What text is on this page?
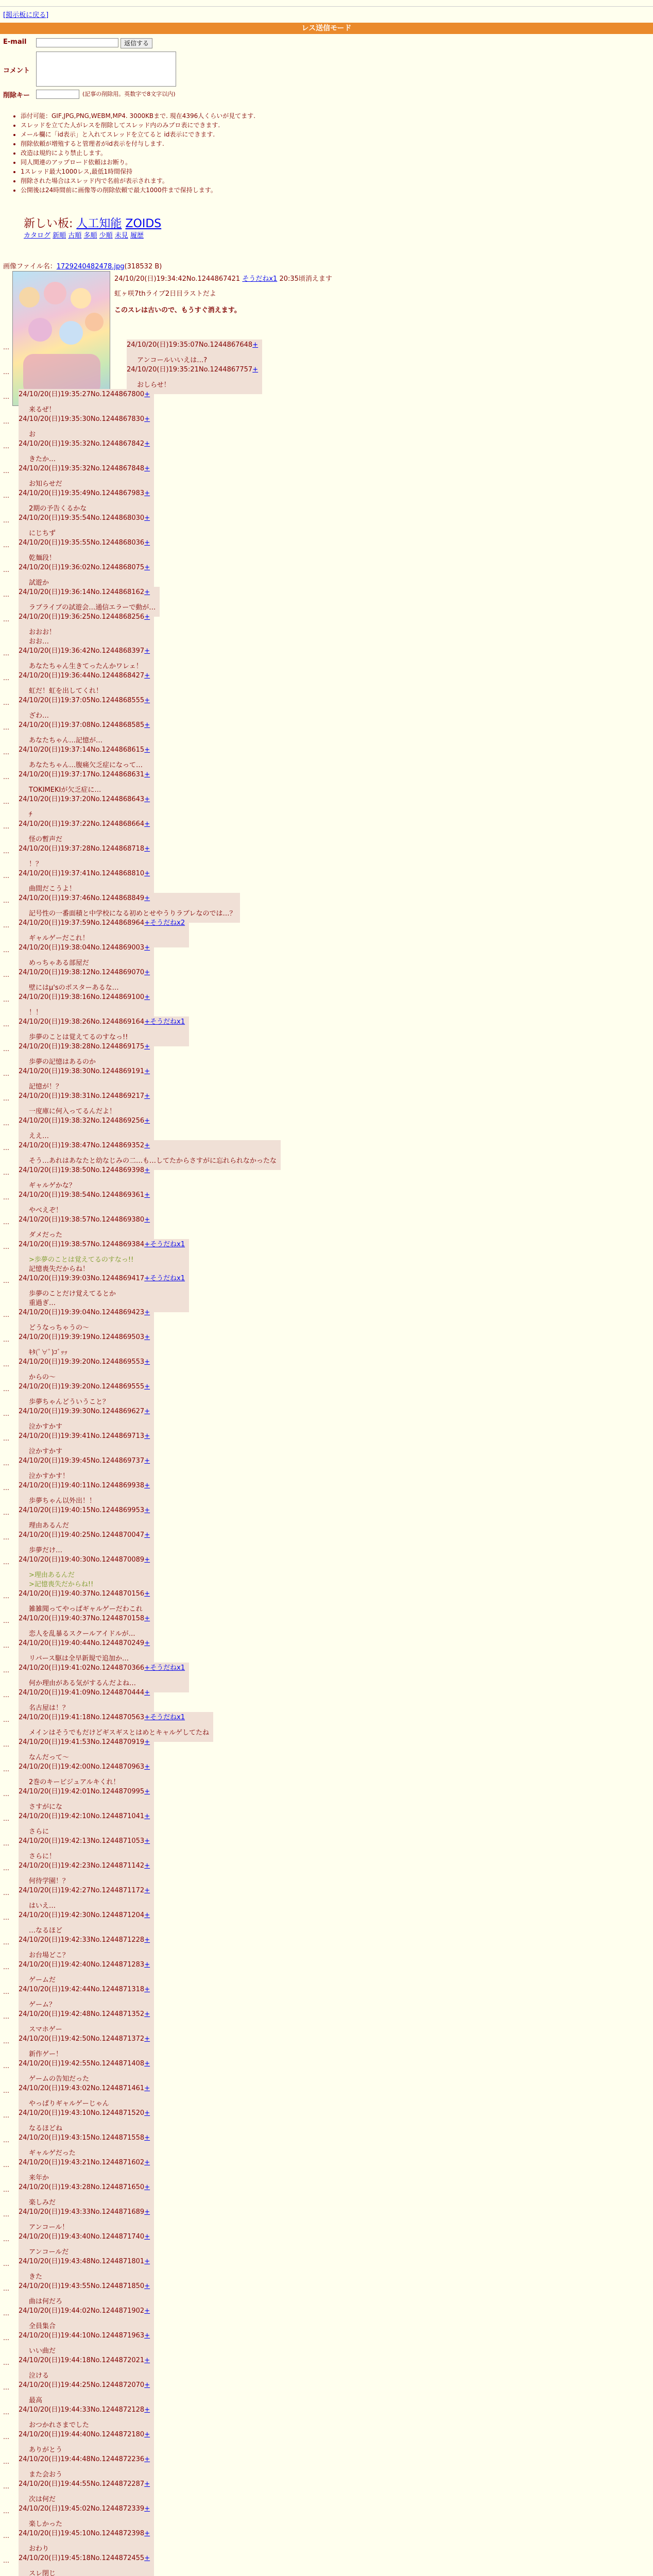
[掲示板に戻る]
レス送信モード
E-mail	返信する
コメント
削除キー	(記事の削除用。英数字で8文字以内)
• 添付可能：GIF,JPG,PNG,WEBM,MP4. 3000KBまで. 現在4396人くらいが見てます.
• スレッドを立てた人がレスを削除してスレッド内のみブロ表にできます.
• メール欄に「id表示」と入れてスレッドを立てると id表示にできます.
• 削除依頼が増殖すると管理者がid表示を付与します.
• 改造は規約により禁止します。
• 同人関連のアップロード依頼はお断り。
• 1スレッド最大1000レス,最低1時間保持
• 削除された場合はスレッド内で名前が表示されます。
• 公開後は24時間前に画像等の削除依頼で最大1000件まで保持します。
新しい板: 人工知能 ZOIDS
カタログ 新順 古順 多順 少順 未見 履歴
画像ファイル名：1729240482478.jpg(318532 B)
24/10/20(日)19:34:42No.1244867421 そうだねx1 20:35頃消えます
虹ヶ咲7thライブ2日目ラストだよ
このスレは古いので、もうすぐ消えます。
…	24/10/20(日)19:35:07No.1244867648+
アンコールいいえは…?
…	24/10/20(日)19:35:21No.1244867757+
おしらせ！
…	24/10/20(日)19:35:27No.1244867800+
来るぜ！
…	24/10/20(日)19:35:30No.1244867830+
お
…	24/10/20(日)19:35:32No.1244867842+
きたか…
…	24/10/20(日)19:35:32No.1244867848+
お知らせだ
…	24/10/20(日)19:35:49No.1244867983+
2期の予告くるかな
…	24/10/20(日)19:35:54No.1244868030+
にじちず
…	24/10/20(日)19:35:55No.1244868036+
乾麺段！
…	24/10/20(日)19:36:02No.1244868075+
試遊か
…	24/10/20(日)19:36:14No.1244868162+
ラブライブの試遊会…通信エラーで動が…
…	24/10/20(日)19:36:25No.1244868256+
おおお！
おお…
…	24/10/20(日)19:36:42No.1244868397+
あなたちゃん生きてったんかワレェ！
…	24/10/20(日)19:36:44No.1244868427+
虹だ！虹を出してくれ！
…	24/10/20(日)19:37:05No.1244868555+
ざわ…
…	24/10/20(日)19:37:08No.1244868585+
あなたちゃん…記憶が…
…	24/10/20(日)19:37:14No.1244868615+
あなたちゃん…腹痛欠乏症になって…
…	24/10/20(日)19:37:17No.1244868631+
TOKIMEKIが欠乏症に…
…	24/10/20(日)19:37:20No.1244868643+
ﾁ
…	24/10/20(日)19:37:22No.1244868664+
怪の暫声だ
…	24/10/20(日)19:37:28No.1244868718+
！？
…	24/10/20(日)19:37:41No.1244868810+
曲間だこうよ！
…	24/10/20(日)19:37:46No.1244868849+
記号性の一番面積と中学校になる初めとせやうりラブレなのでは…？
…	24/10/20(日)19:37:59No.1244868964+そうだねx2
ギャルゲーだこれ！
…	24/10/20(日)19:38:04No.1244869003+
めっちゃある部屋だ
…	24/10/20(日)19:38:12No.1244869070+
壁にはμ'sのポスターあるな…
…	24/10/20(日)19:38:16No.1244869100+
！！
…	24/10/20(日)19:38:26No.1244869164+そうだねx1
歩夢のことは覚えてるのすなっ!!
…	24/10/20(日)19:38:28No.1244869175+
歩夢の記憶はあるのか
…	24/10/20(日)19:38:30No.1244869191+
記憶が！？
…	24/10/20(日)19:38:31No.1244869217+
一度庫に何入ってるんだよ！
…	24/10/20(日)19:38:32No.1244869256+
ええ…
…	24/10/20(日)19:38:47No.1244869352+
そう…あれはあなたと幼なじみの二…も…してたからさすがに忘れられなかったな
…	24/10/20(日)19:38:50No.1244869398+
ギャルゲかな？
…	24/10/20(日)19:38:54No.1244869361+
やべえぞ！
…	24/10/20(日)19:38:57No.1244869380+
ダメだった
…	24/10/20(日)19:38:57No.1244869384+そうだねx1
>歩夢のことは覚えてるのすなっ!!
記憶喪失だからね！
…	24/10/20(日)19:39:03No.1244869417+そうだねx1
歩夢のことだけ覚えてるとか
重過ぎ…
…	24/10/20(日)19:39:04No.1244869423+
どうなっちゃうの〜
…	24/10/20(日)19:39:19No.1244869503+
ｷﾀ(ﾟ∀ﾟ)ｺﾞｯｯ
…	24/10/20(日)19:39:20No.1244869553+
からの〜
…	24/10/20(日)19:39:20No.1244869555+
歩夢ちゃんどういうこと？
…	24/10/20(日)19:39:30No.1244869627+
泣かすかす
…	24/10/20(日)19:39:41No.1244869713+
泣かすかす
…	24/10/20(日)19:39:45No.1244869737+
泣かすかす！
…	24/10/20(日)19:40:11No.1244869938+
歩夢ちゃん以外出！！
…	24/10/20(日)19:40:15No.1244869953+
理由あるんだ
…	24/10/20(日)19:40:25No.1244870047+
歩夢だけ…
…	24/10/20(日)19:40:30No.1244870089+
>理由あるんだ
>記憶喪失だからね!!
…	24/10/20(日)19:40:37No.1244870156+
雑雑聞ってやっぱギャルゲーだわこれ
…	24/10/20(日)19:40:37No.1244870158+
恋人を乱暴るスクールアイドルが…
…	24/10/20(日)19:40:44No.1244870249+
リバース駆は全早新規で追加か…
…	24/10/20(日)19:41:02No.1244870366+そうだねx1
何か理由がある気がするんだよね…
…	24/10/20(日)19:41:09No.1244870444+
名古屋は！？
…	24/10/20(日)19:41:18No.1244870563+そうだねx1
メインはそうでもだけどギスギスとはめとキャルゲしてたね
…	24/10/20(日)19:41:53No.1244870919+
なんだって〜
…	24/10/20(日)19:42:00No.1244870963+
2巻のキービジュアルキくれ！
…	24/10/20(日)19:42:01No.1244870995+
さすがにな
…	24/10/20(日)19:42:10No.1244871041+
さらに
…	24/10/20(日)19:42:13No.1244871053+
さらに！
…	24/10/20(日)19:42:23No.1244871142+
何待学園！？
…	24/10/20(日)19:42:27No.1244871172+
はいえ…
…	24/10/20(日)19:42:30No.1244871204+
…なるほど
…	24/10/20(日)19:42:33No.1244871228+
お台場どこ？
…	24/10/20(日)19:42:40No.1244871283+
ゲームだ
…	24/10/20(日)19:42:44No.1244871318+
ゲーム？
…	24/10/20(日)19:42:48No.1244871352+
スマホゲー
…	24/10/20(日)19:42:50No.1244871372+
新作ゲー！
…	24/10/20(日)19:42:55No.1244871408+
ゲームの告知だった
…	24/10/20(日)19:43:02No.1244871461+
やっぱりギャルゲーじゃん
…	24/10/20(日)19:43:10No.1244871520+
なるほどね
…	24/10/20(日)19:43:15No.1244871558+
ギャルゲだった
…	24/10/20(日)19:43:21No.1244871602+
来年か
…	24/10/20(日)19:43:28No.1244871650+
楽しみだ
…	24/10/20(日)19:43:33No.1244871689+
アンコール！
…	24/10/20(日)19:43:40No.1244871740+
アンコールだ
…	24/10/20(日)19:43:48No.1244871801+
きた
…	24/10/20(日)19:43:55No.1244871850+
曲は何だろ
…	24/10/20(日)19:44:02No.1244871902+
全員集合
…	24/10/20(日)19:44:10No.1244871963+
いい曲だ
…	24/10/20(日)19:44:18No.1244872021+
泣ける
…	24/10/20(日)19:44:25No.1244872070+
最高
…	24/10/20(日)19:44:33No.1244872128+
おつかれさまでした
…	24/10/20(日)19:44:40No.1244872180+
ありがとう
…	24/10/20(日)19:44:48No.1244872236+
また会おう
…	24/10/20(日)19:44:55No.1244872287+
次は何だ
…	24/10/20(日)19:45:02No.1244872339+
楽しかった
…	24/10/20(日)19:45:10No.1244872398+
おわり
…	24/10/20(日)19:45:18No.1244872455+
スレ閉じ
